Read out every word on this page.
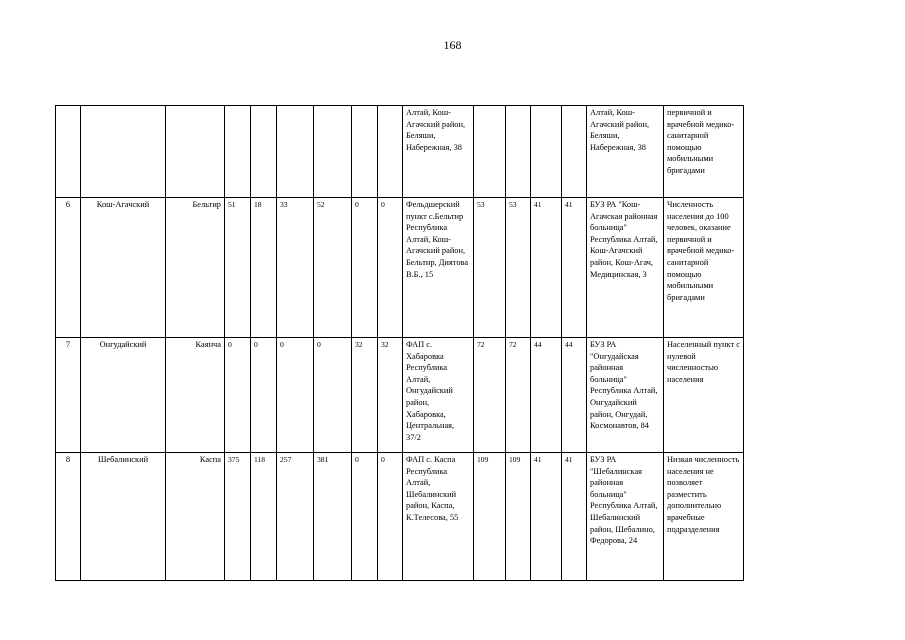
168
									Алтай, Кош-Агачский район, Беляши, Набережная, 38					Алтай, Кош-Агачский район, Беляши, Набережная, 38	первичной и врачебной медико-санитарной помощью мобильными бригадами
6	Кош-Агачский	Бельтир	51	18	33	52	0	0	Фельдшерский пункт с.Бельтир Республика Алтай, Кош-Агачский район, Бельтир, Диятова В.Б., 15	53	53	41	41	БУЗ РА "Кош-Агачская районная больница" Республика Алтай, Кош-Агачский район, Кош-Агач, Медицинская, 3	Численность населения до 100 человек, оказание первичной и врачебной медико-санитарной помощью мобильными бригадами
7	Онгудайский	Каянча	0	0	0	0	32	32	ФАП с. Хабаровка Республика Алтай, Онгудайский район, Хабаровка, Центральная, 37/2	72	72	44	44	БУЗ РА "Онгудайская районная больница" Республика Алтай, Онгудайский район, Онгудай, Космонавтов, 84	Населенный пункт с нулевой численностью населения
8	Шебалинский	Каспа	375	118	257	381	0	0	ФАП с. Каспа Республика Алтай, Шебалинский район, Каспа, К.Телесова, 55	109	109	41	41	БУЗ РА "Шебалинская районная больница" Республика Алтай, Шебалинский район, Шебалино, Федорова, 24	Низкая численность населения не позволяет разместить дополнительно врачебные подразделения
